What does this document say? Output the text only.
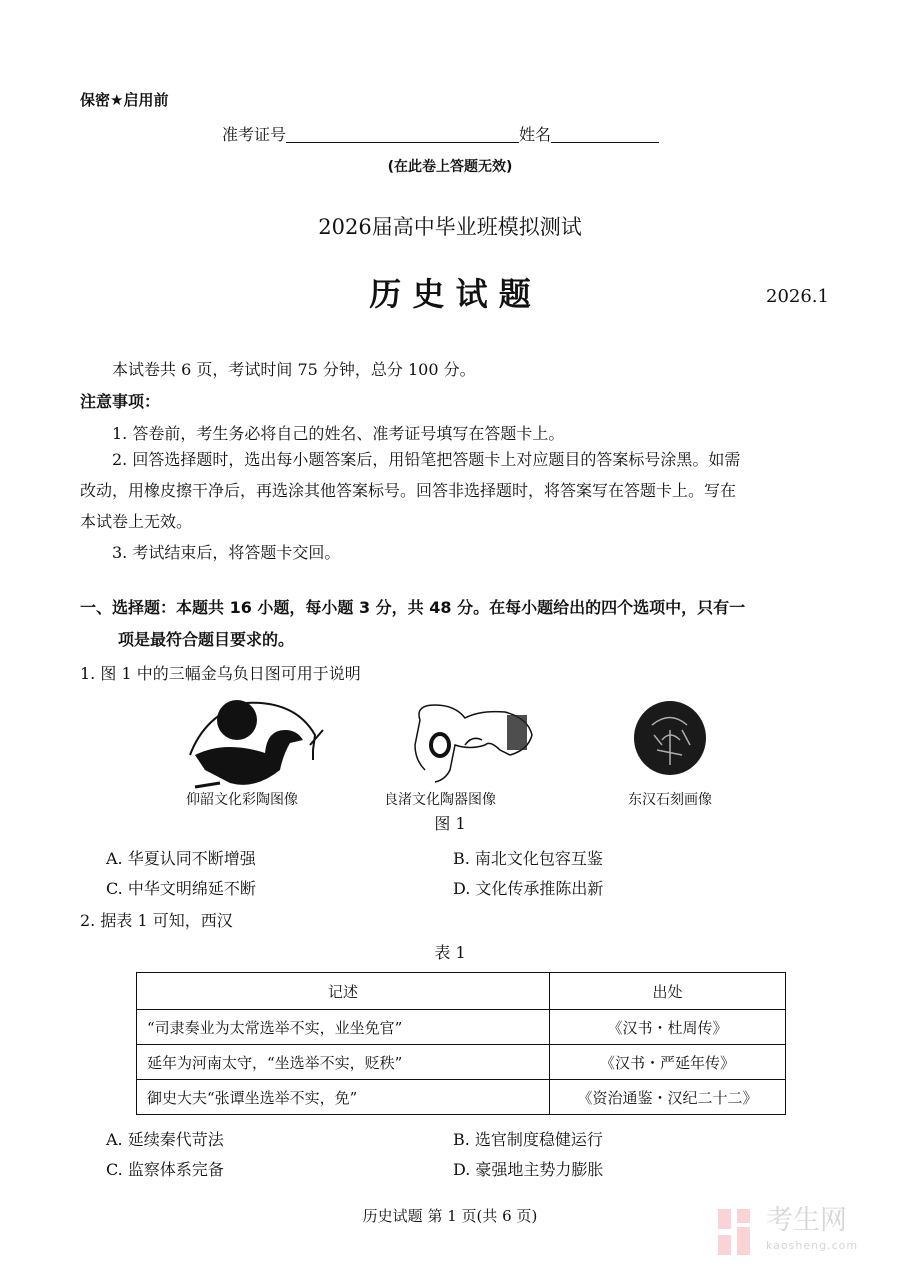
保密★启用前
准考证号	姓名
(在此卷上答题无效)
2026届高中毕业班模拟测试
历 史 试 题	2026.1
本试卷共 6 页，考试时间 75 分钟，总分 100 分。
注意事项：
1. 答卷前，考生务必将自己的姓名、准考证号填写在答题卡上。
2. 回答选择题时，选出每小题答案后，用铅笔把答题卡上对应题目的答案标号涂黑。如需
改动，用橡皮擦干净后，再选涂其他答案标号。回答非选择题时，将答案写在答题卡上。写在
本试卷上无效。
3. 考试结束后，将答题卡交回。
一、选择题：本题共 16 小题，每小题 3 分，共 48 分。在每小题给出的四个选项中，只有一
项是最符合题目要求的。
1. 图 1 中的三幅金乌负日图可用于说明
仰韶文化彩陶图像	良渚文化陶器图像	东汉石刻画像
图 1
A. 华夏认同不断增强	B. 南北文化包容互鉴
C. 中华文明绵延不断	D. 文化传承推陈出新
2. 据表 1 可知，西汉
表 1
记述	出处
“司隶奏业为太常选举不实，业坐免官”	《汉书・杜周传》
延年为河南太守，“坐选举不实，贬秩”	《汉书・严延年传》
御史大夫“张谭坐选举不实，免”	《资治通鉴・汉纪二十二》
A. 延续秦代苛法	B. 选官制度稳健运行
C. 监察体系完备	D. 豪强地主势力膨胀
历史试题 第 1 页(共 6 页)	考生网
kaosheng.com
